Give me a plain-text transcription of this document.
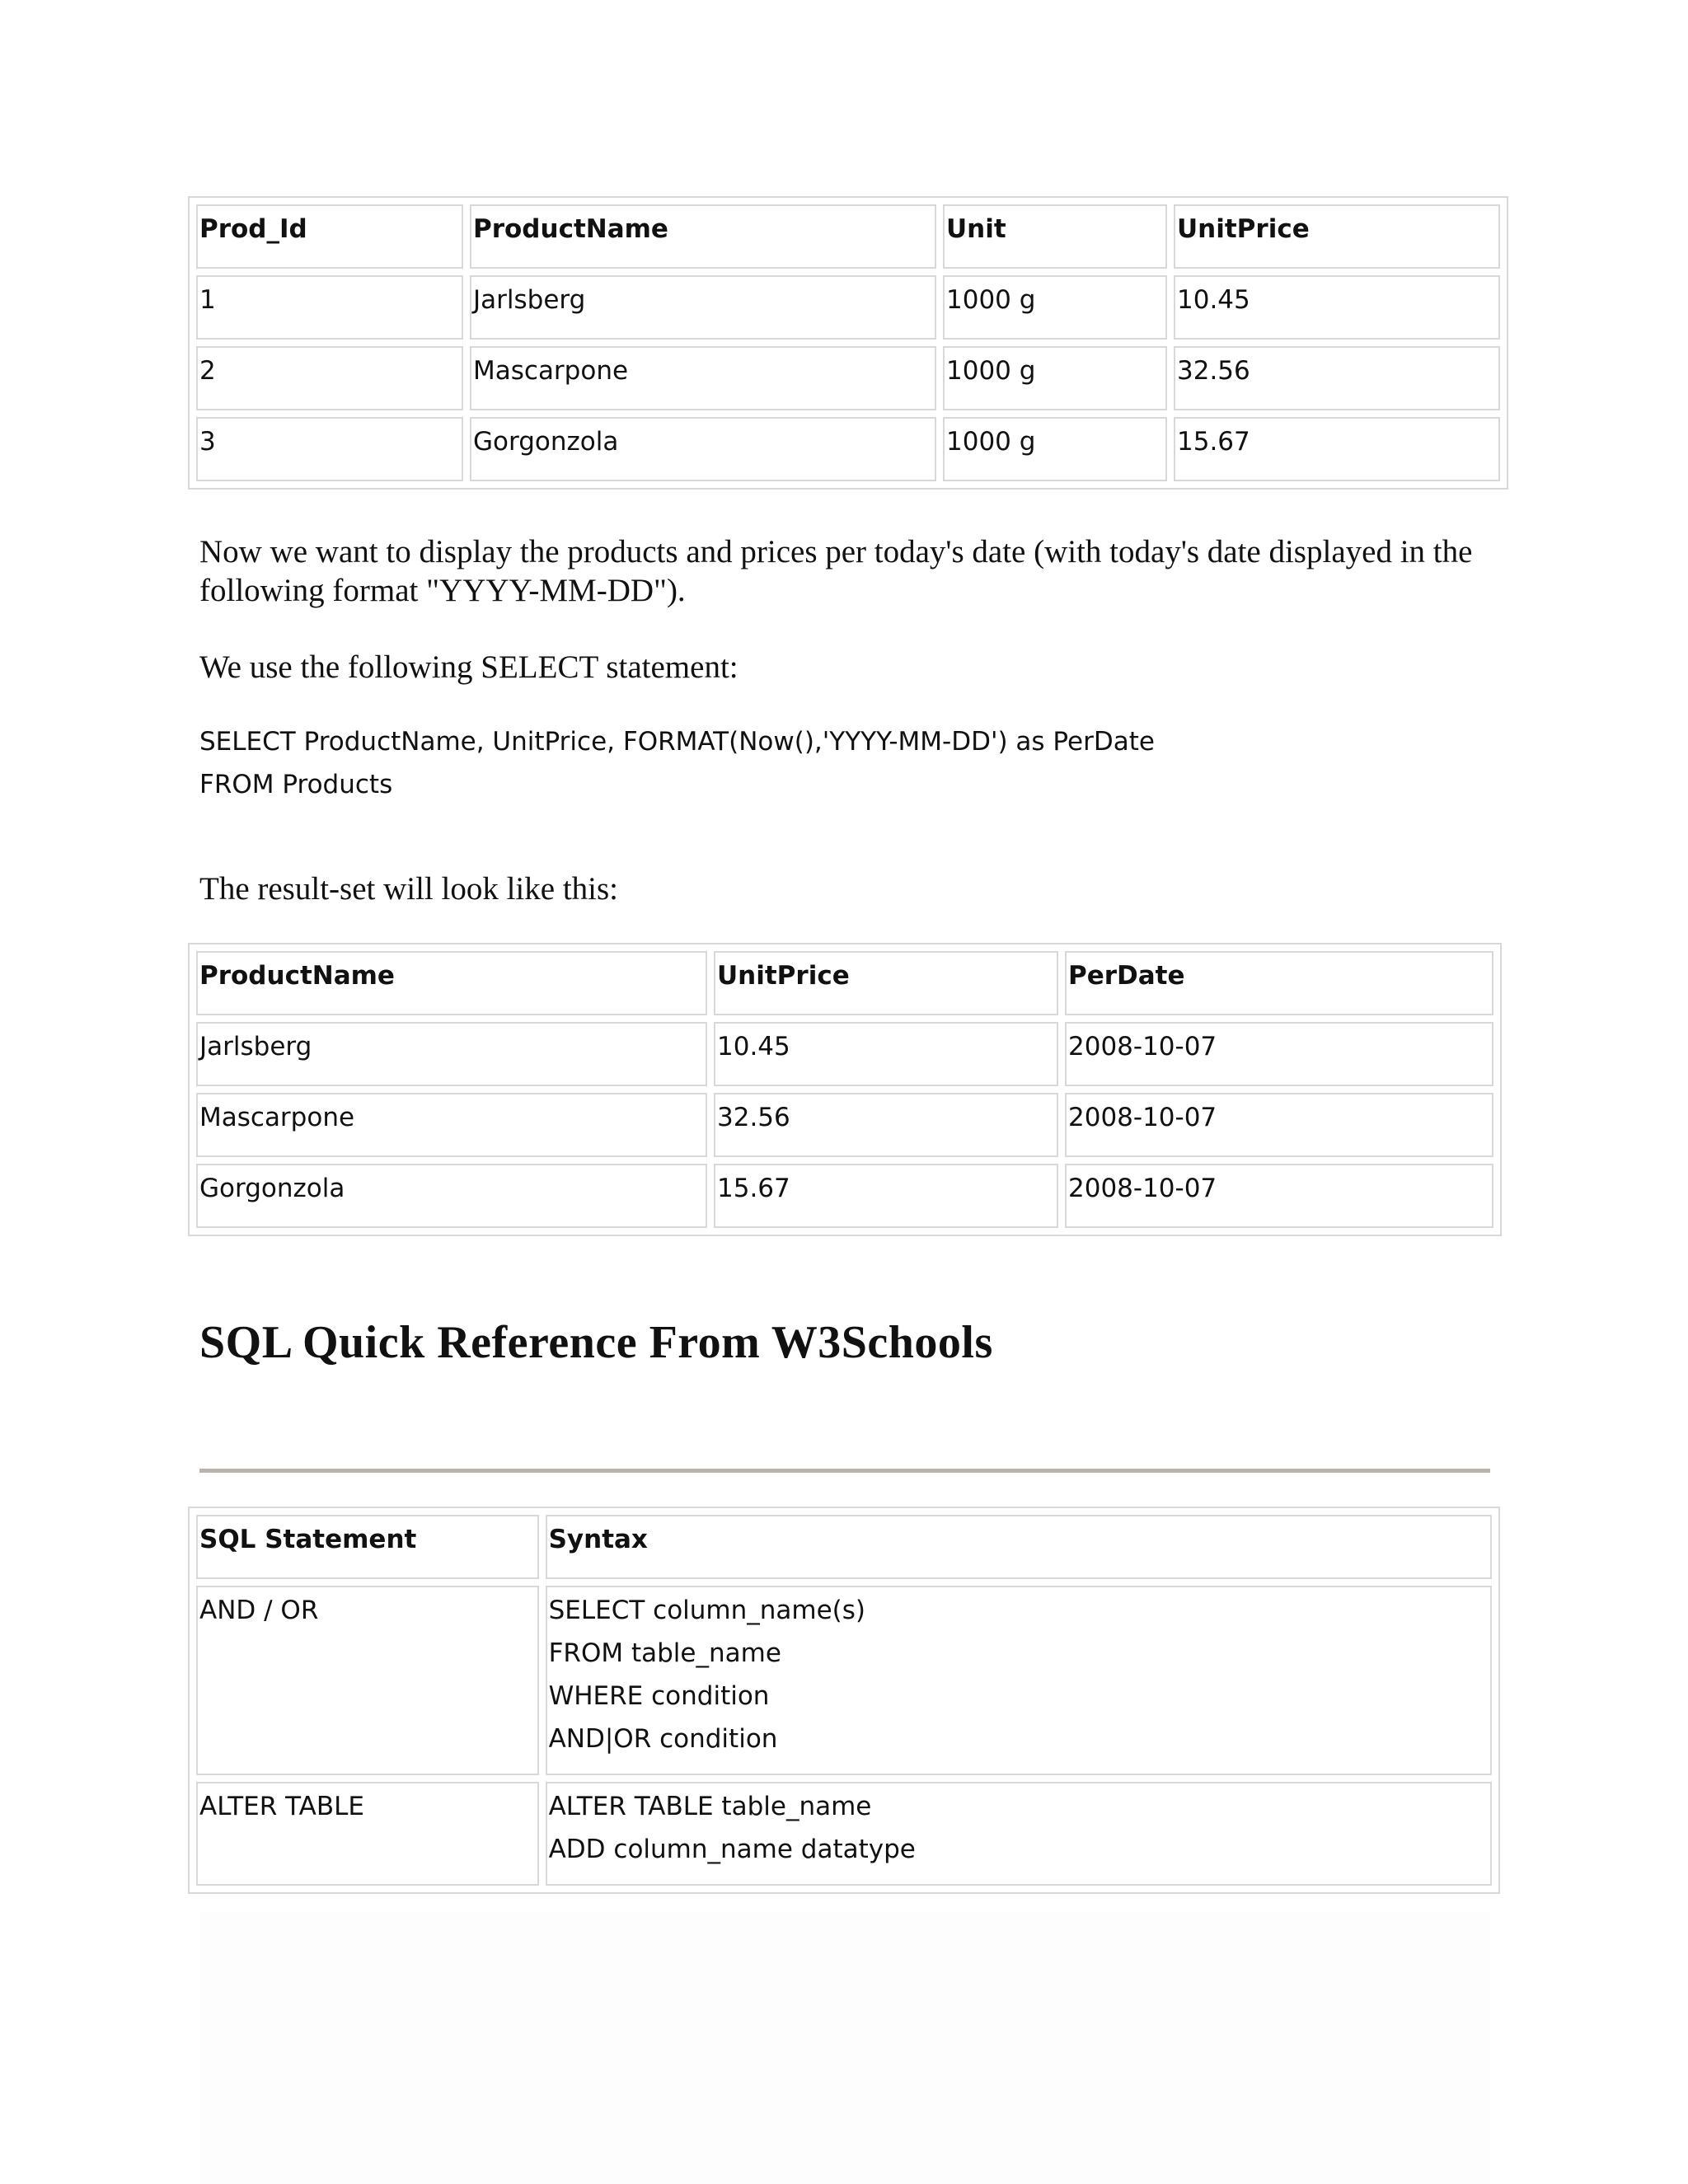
Prod_Id	ProductName	Unit	UnitPrice
1	Jarlsberg	1000 g	10.45
2	Mascarpone	1000 g	32.56
3	Gorgonzola	1000 g	15.67
Now we want to display the products and prices per today's date (with today's date displayed in the following format "YYYY-MM-DD").
We use the following SELECT statement:
SELECT ProductName, UnitPrice, FORMAT(Now(),'YYYY-MM-DD') as PerDate
FROM Products
The result-set will look like this:
ProductName	UnitPrice	PerDate
Jarlsberg	10.45	2008-10-07
Mascarpone	32.56	2008-10-07
Gorgonzola	15.67	2008-10-07
SQL Quick Reference From W3Schools
SQL Statement	Syntax
AND / OR	SELECT column_name(s)
FROM table_name
WHERE condition
AND|OR condition

ALTER TABLE	ALTER TABLE table_name
ADD column_name datatype
